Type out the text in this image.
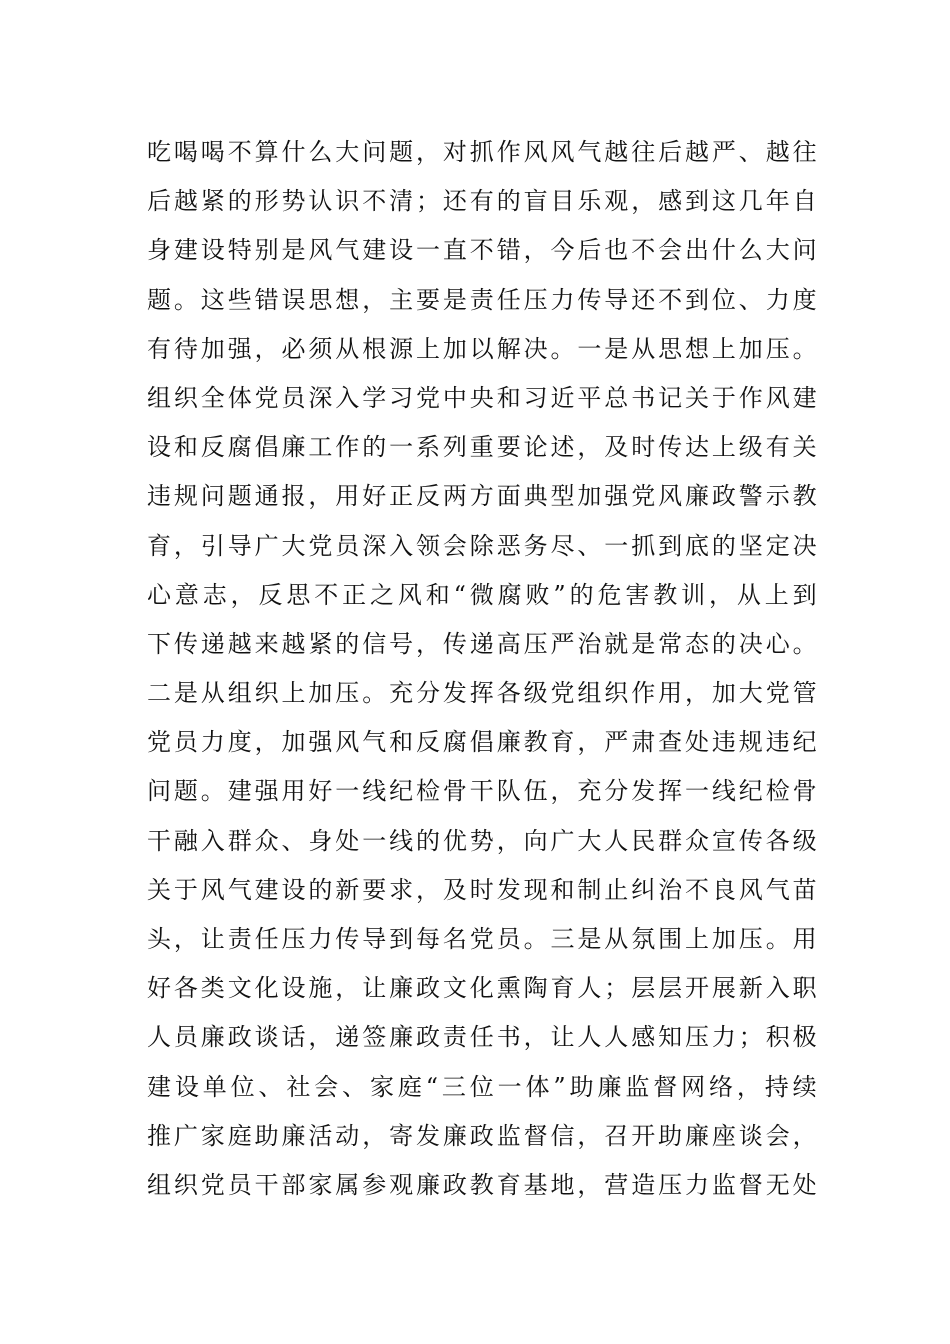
吃喝喝不算什么大问题，对抓作风风气越往后越严、越往
后越紧的形势认识不清；还有的盲目乐观，感到这几年自
身建设特别是风气建设一直不错，今后也不会出什么大问
题。这些错误思想，主要是责任压力传导还不到位、力度
有待加强，必须从根源上加以解决。一是从思想上加压。
组织全体党员深入学习党中央和习近平总书记关于作风建
设和反腐倡廉工作的一系列重要论述，及时传达上级有关
违规问题通报，用好正反两方面典型加强党风廉政警示教
育，引导广大党员深入领会除恶务尽、一抓到底的坚定决
心意志，反思不正之风和“微腐败”的危害教训，从上到
下传递越来越紧的信号，传递高压严治就是常态的决心。
二是从组织上加压。充分发挥各级党组织作用，加大党管
党员力度，加强风气和反腐倡廉教育，严肃查处违规违纪
问题。建强用好一线纪检骨干队伍，充分发挥一线纪检骨
干融入群众、身处一线的优势，向广大人民群众宣传各级
关于风气建设的新要求，及时发现和制止纠治不良风气苗
头，让责任压力传导到每名党员。三是从氛围上加压。用
好各类文化设施，让廉政文化熏陶育人；层层开展新入职
人员廉政谈话，递签廉政责任书，让人人感知压力；积极
建设单位、社会、家庭“三位一体”助廉监督网络，持续
推广家庭助廉活动，寄发廉政监督信，召开助廉座谈会，
组织党员干部家属参观廉政教育基地，营造压力监督无处
